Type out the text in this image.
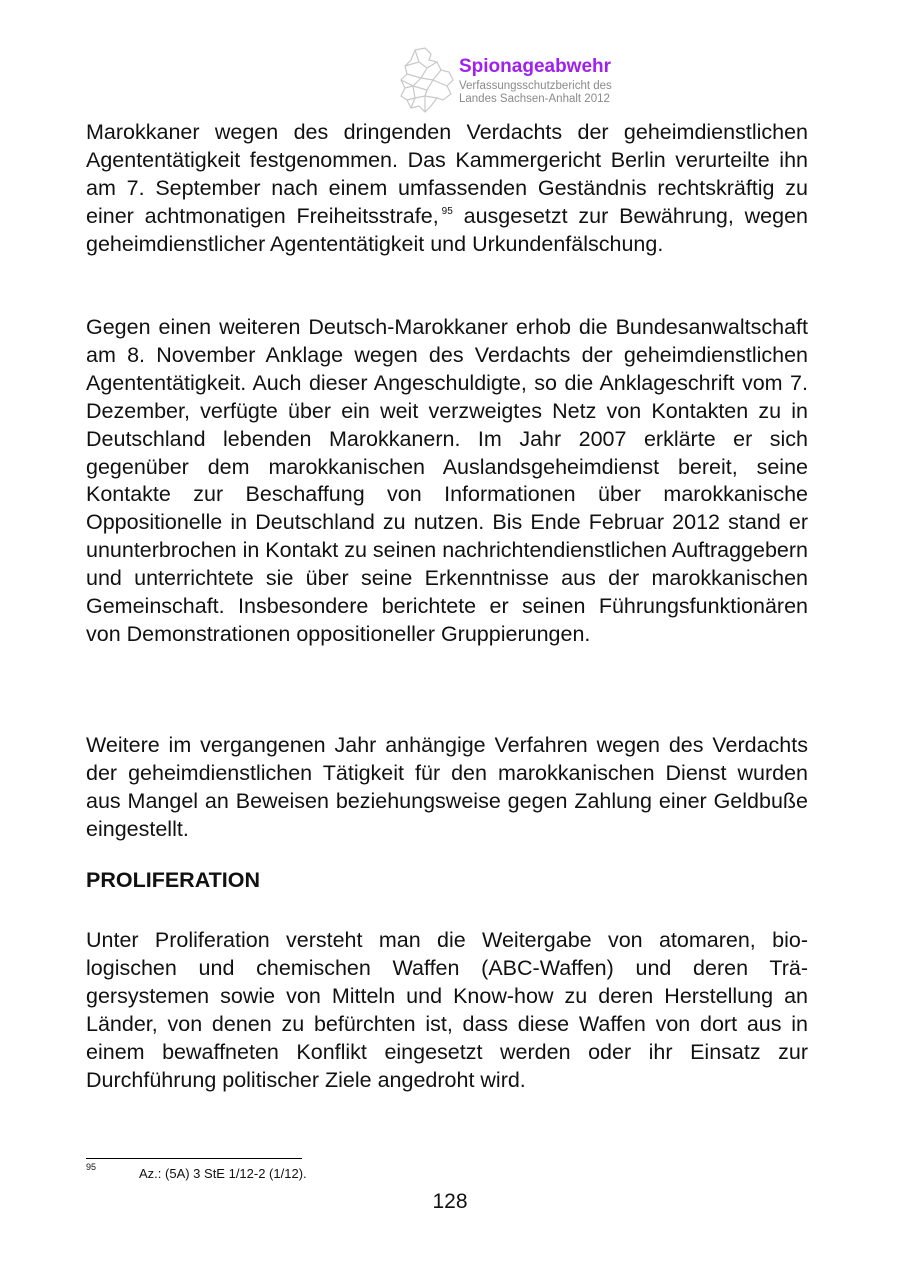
Spionageabwehr
Verfassungsschutzbericht des
Landes Sachsen-Anhalt 2012

Marokkaner wegen des dringenden Verdachts der geheimdienstlichen Agententätigkeit festgenommen. Das Kammergericht Berlin verurteilte ihn am 7. September nach einem umfassenden Geständnis rechtskräftig zu einer achtmonatigen Freiheitsstrafe, $^{95}$ ausgesetzt zur Bewährung, wegen geheimdienstlicher Agententätigkeit und Urkundenfälschung.

Gegen einen weiteren Deutsch-Marokkaner erhob die Bundesanwaltschaft am 8. November Anklage wegen des Verdachts der geheimdienstlichen Agententätigkeit. Auch dieser Angeschuldigte, so die Anklageschrift vom 7. Dezember, verfügte über ein weit verzweigtes Netz von Kontakten zu in Deutschland lebenden Marokkanern. Im Jahr 2007 erklärte er sich gegenüber dem marokkanischen Auslandsgeheimdienst bereit, seine Kontakte zur Beschaffung von Informationen über marokkanische Oppositionelle in Deutschland zu nutzen. Bis Ende Februar 2012 stand er ununterbrochen in Kontakt zu seinen nachrichtendienstlichen Auftraggebern und unterrichtete sie über seine Erkenntnisse aus der marokkanischen Gemeinschaft. Insbesondere berichtete er seinen Führungsfunktionären von Demonstrationen oppositioneller Gruppierungen.

Weitere im vergangenen Jahr anhängige Verfahren wegen des Verdachts der geheimdienstlichen Tätigkeit für den marokkanischen Dienst wurden aus Mangel an Beweisen beziehungsweise gegen Zahlung einer Geldbuße eingestellt.

PROLIFERATION

Unter Proliferation versteht man die Weitergabe von atomaren, biologischen und chemischen Waffen (ABC-Waffen) und deren Trägersystemen sowie von Mitteln und Know-how zu deren Herstellung an Länder, von denen zu befürchten ist, dass diese Waffen von dort aus in einem bewaffneten Konflikt eingesetzt werden oder ihr Einsatz zur Durchführung politischer Ziele angedroht wird.

95	Az.: (5A) 3 StE 1/12-2 (1/12).
128
